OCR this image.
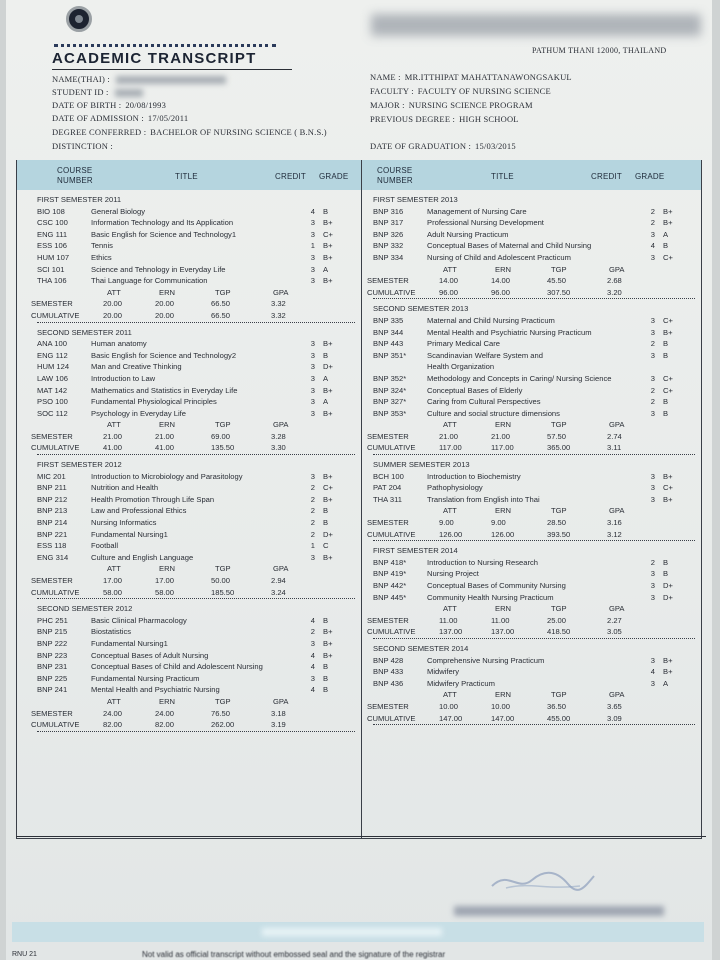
PATHUM THANI 12000, THAILAND
ACADEMIC TRANSCRIPT
NAME(THAI) :
STUDENT ID :
DATE OF BIRTH : 20/08/1993
DATE OF ADMISSION : 17/05/2011
DEGREE CONFERRED : BACHELOR OF NURSING SCIENCE ( B.N.S.)
DISTINCTION :
NAME : MR.ITTHIPAT MAHATTANAWONGSAKUL
FACULTY : FACULTY OF NURSING SCIENCE
MAJOR : NURSING SCIENCE PROGRAM
PREVIOUS DEGREE : HIGH SCHOOL
DATE OF GRADUATION : 15/03/2015
COURSE
NUMBER	TITLE	CREDIT GRADE
COURSE
NUMBER	TITLE	CREDIT GRADE
FIRST SEMESTER 2011
BIO 108	General Biology	4 B
CSC 100	Information Technology and Its Application	3 B+
ENG 111	Basic English for Science and Technology1	3 C+
ESS 106	Tennis	1 B+
HUM 107	Ethics	3 B+
SCI 101	Science and Tehnology in Everyday Life	3 A
THA 106	Thai Language for Communication	3 B+
ATT	ERN	TGP	GPA
SEMESTER	20.00	20.00	66.50	3.32
CUMULATIVE	20.00	20.00	66.50	3.32
SECOND SEMESTER 2011
ANA 100	Human anatomy	3 B+
ENG 112	Basic English for Science and Technology2	3 B
HUM 124	Man and Creative Thinking	3 D+
LAW 106	Introduction to Law	3 A
MAT 142	Mathematics and Statistics in Everyday Life	3 B+
PSO 100	Fundamental Physiological Principles	3 A
SOC 112	Psychology in Everyday Life	3 B+
ATT	ERN	TGP	GPA
SEMESTER	21.00	21.00	69.00	3.28
CUMULATIVE	41.00	41.00	135.50	3.30
FIRST SEMESTER 2012
MIC 201	Introduction to Microbiology and Parasitology	3 B+
BNP 211	Nutrition and Health	2 C+
BNP 212	Health Promotion Through Life Span	2 B+
BNP 213	Law and Professional Ethics	2 B
BNP 214	Nursing Informatics	2 B
BNP 221	Fundamental Nursing1	2 D+
ESS 118	Football	1 C
ENG 314	Culture and English Language	3 B+
ATT	ERN	TGP	GPA
SEMESTER	17.00	17.00	50.00	2.94
CUMULATIVE	58.00	58.00	185.50	3.24
SECOND SEMESTER 2012
PHC 251	Basic Clinical Pharmacology	4 B
BNP 215	Biostatistics	2 B+
BNP 222	Fundamental Nursing1	3 B+
BNP 223	Conceptual Bases of Adult Nursing	4 B+
BNP 231	Conceptual Bases of Child and Adolescent Nursing	4 B
BNP 225	Fundamental Nursing Practicum	3 B
BNP 241	Mental Health and Psychiatric Nursing	4 B
ATT	ERN	TGP	GPA
SEMESTER	24.00	24.00	76.50	3.18
CUMULATIVE	82.00	82.00	262.00	3.19
FIRST SEMESTER 2013
BNP 316	Management of Nursing Care	2 B+
BNP 317	Professional Nursing Development	2 B+
BNP 326	Adult Nursing Practicum	3 A
BNP 332	Conceptual Bases of Maternal and Child Nursing	4 B
BNP 334	Nursing of Child and Adolescent Practicum	3 C+
ATT	ERN	TGP	GPA
SEMESTER	14.00	14.00	45.50	2.68
CUMULATIVE	96.00	96.00	307.50	3.20
SECOND SEMESTER 2013
BNP 335	Maternal and Child Nursing Practicum	3 C+
BNP 344	Mental Health and Psychiatric Nursing Practicum	3 B+
BNP 443	Primary Medical Care	2 B
BNP 351*	Scandinavian Welfare System and	3 B
Health Organization
BNP 352*	Methodology and Concepts in Caring/ Nursing Science	3 C+
BNP 324*	Conceptual Bases of Elderly	2 C+
BNP 327*	Caring from Cultural Perspectives	2 B
BNP 353*	Culture and social structure dimensions	3 B
ATT	ERN	TGP	GPA
SEMESTER	21.00	21.00	57.50	2.74
CUMULATIVE	117.00	117.00	365.00	3.11
SUMMER SEMESTER 2013
BCH 100	Introduction to Biochemistry	3 B+
PAT 204	Pathophysiology	3 C+
THA 311	Translation from English into Thai	3 B+
ATT	ERN	TGP	GPA
SEMESTER	9.00	9.00	28.50	3.16
CUMULATIVE	126.00	126.00	393.50	3.12
FIRST SEMESTER 2014
BNP 418*	Introduction to Nursing Research	2 B
BNP 419*	Nursing Project	3 B
BNP 442*	Conceptual Bases of Community Nursing	3 D+
BNP 445*	Community Health Nursing Practicum	3 D+
ATT	ERN	TGP	GPA
SEMESTER	11.00	11.00	25.00	2.27
CUMULATIVE	137.00	137.00	418.50	3.05
SECOND SEMESTER 2014
BNP 428	Comprehensive Nursing Practicum	3 B+
BNP 433	Midwifery	4 B+
BNP 436	Midwifery Practicum	3 A
ATT	ERN	TGP	GPA
SEMESTER	10.00	10.00	36.50	3.65
CUMULATIVE	147.00	147.00	455.00	3.09
RNU 21	Not valid as official transcript without embossed seal and the signature of the registrar
